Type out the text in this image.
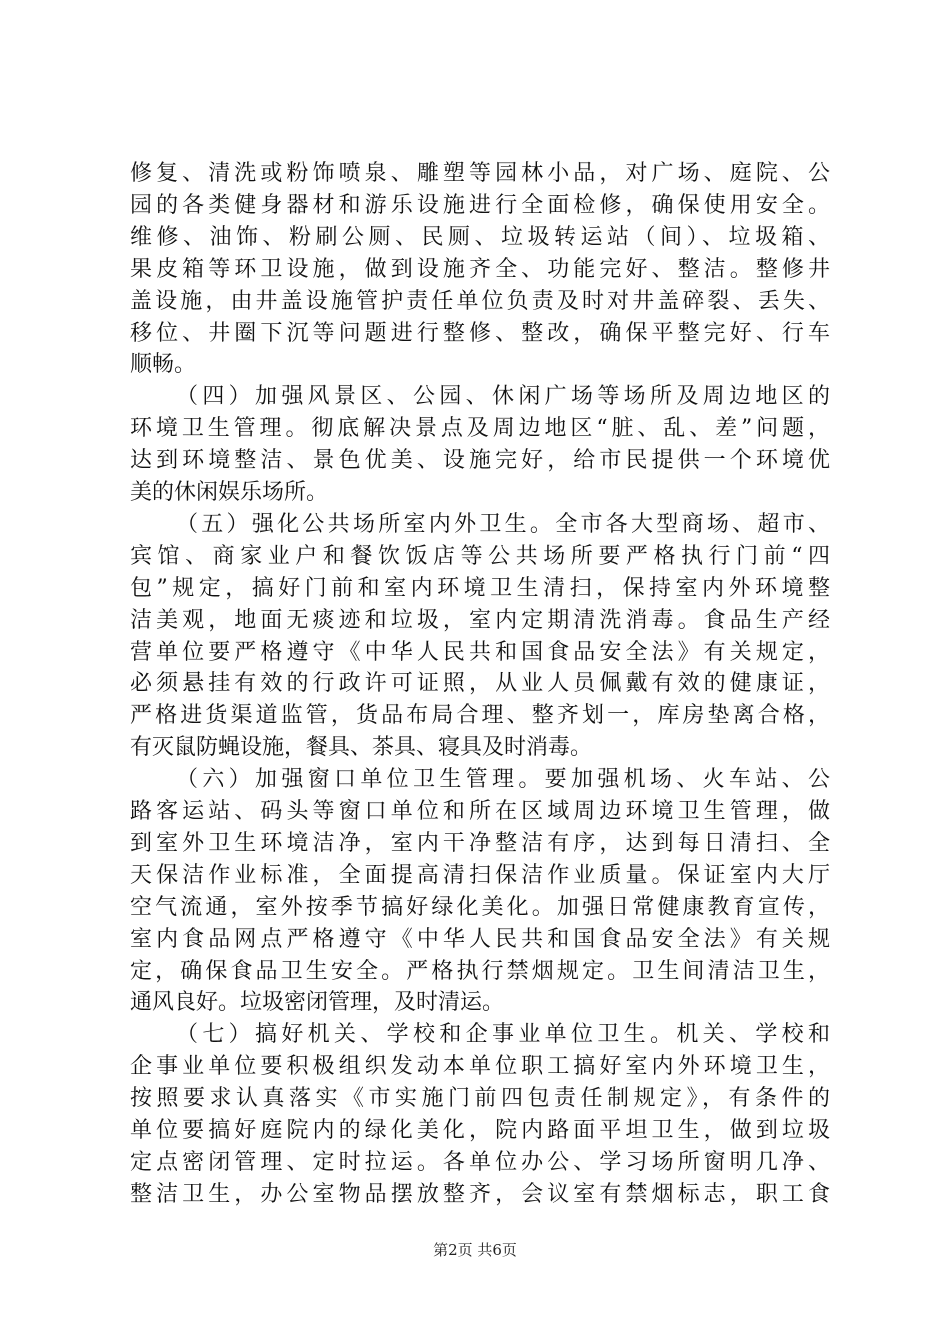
修复、清洗或粉饰喷泉、雕塑等园林小品，对广场、庭院、公
园的各类健身器材和游乐设施进行全面检修，确保使用安全。
维修、油饰、粉刷公厕、民厕、垃圾转运站（间）、垃圾箱、
果皮箱等环卫设施，做到设施齐全、功能完好、整洁。整修井
盖设施，由井盖设施管护责任单位负责及时对井盖碎裂、丢失、
移位、井圈下沉等问题进行整修、整改，确保平整完好、行车
顺畅。
（四）加强风景区、公园、休闲广场等场所及周边地区的
环境卫生管理。彻底解决景点及周边地区“脏、乱、差”问题，
达到环境整洁、景色优美、设施完好，给市民提供一个环境优
美的休闲娱乐场所。
（五）强化公共场所室内外卫生。全市各大型商场、超市、
宾馆、商家业户和餐饮饭店等公共场所要严格执行门前“四
包”规定，搞好门前和室内环境卫生清扫，保持室内外环境整
洁美观，地面无痰迹和垃圾，室内定期清洗消毒。食品生产经
营单位要严格遵守《中华人民共和国食品安全法》有关规定，
必须悬挂有效的行政许可证照，从业人员佩戴有效的健康证，
严格进货渠道监管，货品布局合理、整齐划一，库房垫离合格，
有灭鼠防蝇设施，餐具、茶具、寝具及时消毒。
（六）加强窗口单位卫生管理。要加强机场、火车站、公
路客运站、码头等窗口单位和所在区域周边环境卫生管理，做
到室外卫生环境洁净，室内干净整洁有序，达到每日清扫、全
天保洁作业标准，全面提高清扫保洁作业质量。保证室内大厅
空气流通，室外按季节搞好绿化美化。加强日常健康教育宣传，
室内食品网点严格遵守《中华人民共和国食品安全法》有关规
定，确保食品卫生安全。严格执行禁烟规定。卫生间清洁卫生，
通风良好。垃圾密闭管理，及时清运。
（七）搞好机关、学校和企事业单位卫生。机关、学校和
企事业单位要积极组织发动本单位职工搞好室内外环境卫生，
按照要求认真落实《市实施门前四包责任制规定》，有条件的
单位要搞好庭院内的绿化美化，院内路面平坦卫生，做到垃圾
定点密闭管理、定时拉运。各单位办公、学习场所窗明几净、
整洁卫生，办公室物品摆放整齐，会议室有禁烟标志，职工食
第2页 共6页
